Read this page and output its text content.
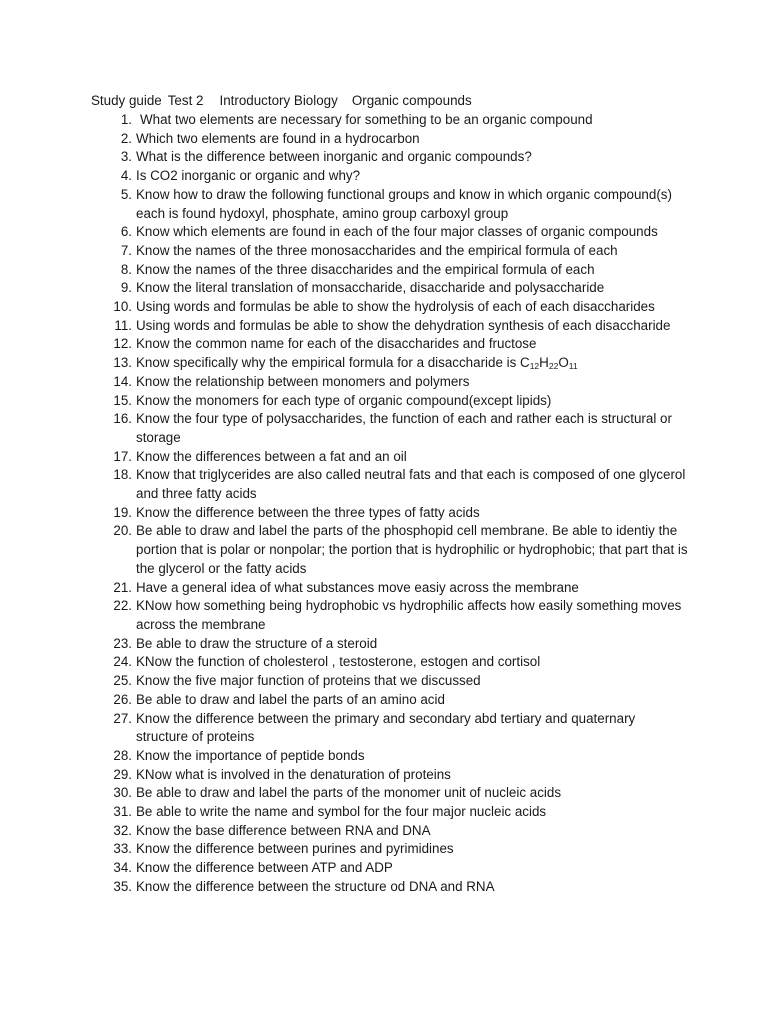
Study guide Test 2 Introductory Biology Organic compounds
1. What two elements are necessary for something to be an organic compound
2. Which two elements are found in a hydrocarbon
3. What is the difference between inorganic and organic compounds?
4. Is CO2 inorganic or organic and why?
5. Know how to draw the following functional groups and know in which organic compound(s) each is found hydoxyl, phosphate, amino group carboxyl group
6. Know which elements are found in each of the four major classes of organic compounds
7. Know the names of the three monosaccharides and the empirical formula of each
8. Know the names of the three disaccharides and the empirical formula of each
9. Know the literal translation of monsaccharide, disaccharide and polysaccharide
10. Using words and formulas be able to show the hydrolysis of each of each disaccharides
11. Using words and formulas be able to show the dehydration synthesis of each disaccharide
12. Know the common name for each of the disaccharides and fructose
13. Know specifically why the empirical formula for a disaccharide is $C_{12}H_{22}O_{11}$
14. Know the relationship between monomers and polymers
15. Know the monomers for each type of organic compound(except lipids)
16. Know the four type of polysaccharides, the function of each and rather each is structural or storage
17. Know the differences between a fat and an oil
18. Know that triglycerides are also called neutral fats and that each is composed of one glycerol and three fatty acids
19. Know the difference between the three types of fatty acids
20. Be able to draw and label the parts of the phosphopid cell membrane. Be able to identiy the portion that is polar or nonpolar; the portion that is hydrophilic or hydrophobic; that part that is the glycerol or the fatty acids
21. Have a general idea of what substances move easiy across the membrane
22. KNow how something being hydrophobic vs hydrophilic affects how easily something moves across the membrane
23. Be able to draw the structure of a steroid
24. KNow the function of cholesterol , testosterone, estogen and cortisol
25. Know the five major function of proteins that we discussed
26. Be able to draw and label the parts of an amino acid
27. Know the difference between the primary and secondary abd tertiary and quaternary structure of proteins
28. Know the importance of peptide bonds
29. KNow what is involved in the denaturation of proteins
30. Be able to draw and label the parts of the monomer unit of nucleic acids
31. Be able to write the name and symbol for the four major nucleic acids
32. Know the base difference between RNA and DNA
33. Know the difference between purines and pyrimidines
34. Know the difference between ATP and ADP
35. Know the difference between the structure od DNA and RNA
